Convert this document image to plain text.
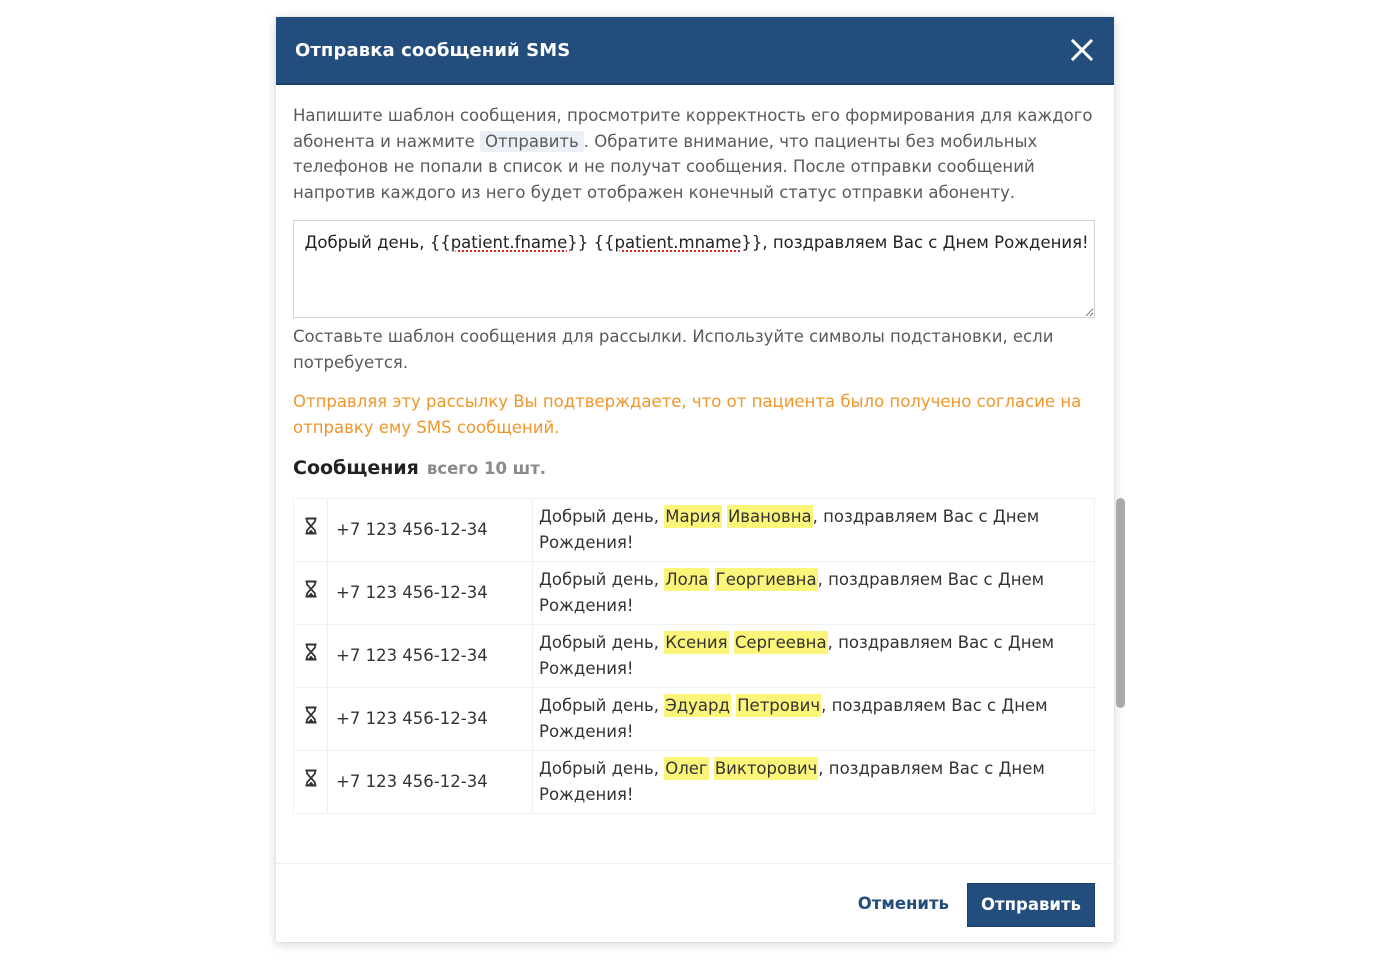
Отправка сообщений SMS

Напишите шаблон сообщения, просмотрите корректность его формирования для каждого абонента и нажмите Отправить . Обратите внимание, что пациенты без мобильных телефонов не попали в список и не получат сообщения. После отправки сообщений напротив каждого из него будет отображен конечный статус отправки абоненту.

Добрый день, {{patient.fname}} {{patient.mname}}, поздравляем Вас с Днем Рождения!

Составьте шаблон сообщения для рассылки. Используйте символы подстановки, если потребуется.

Отправляя эту рассылку Вы подтверждаете, что от пациента было получено согласие на отправку ему SMS сообщений.

Сообщения всего 10 шт.
	+7 123 456-12-34	Добрый день, Мария Ивановна, поздравляем Вас с Днем Рождения!
	+7 123 456-12-34	Добрый день, Лола Георгиевна, поздравляем Вас с Днем Рождения!
	+7 123 456-12-34	Добрый день, Ксения Сергеевна, поздравляем Вас с Днем Рождения!
	+7 123 456-12-34	Добрый день, Эдуард Петрович, поздравляем Вас с Днем Рождения!
	+7 123 456-12-34	Добрый день, Олег Викторович, поздравляем Вас с Днем Рождения!
Отменить	Отправить
